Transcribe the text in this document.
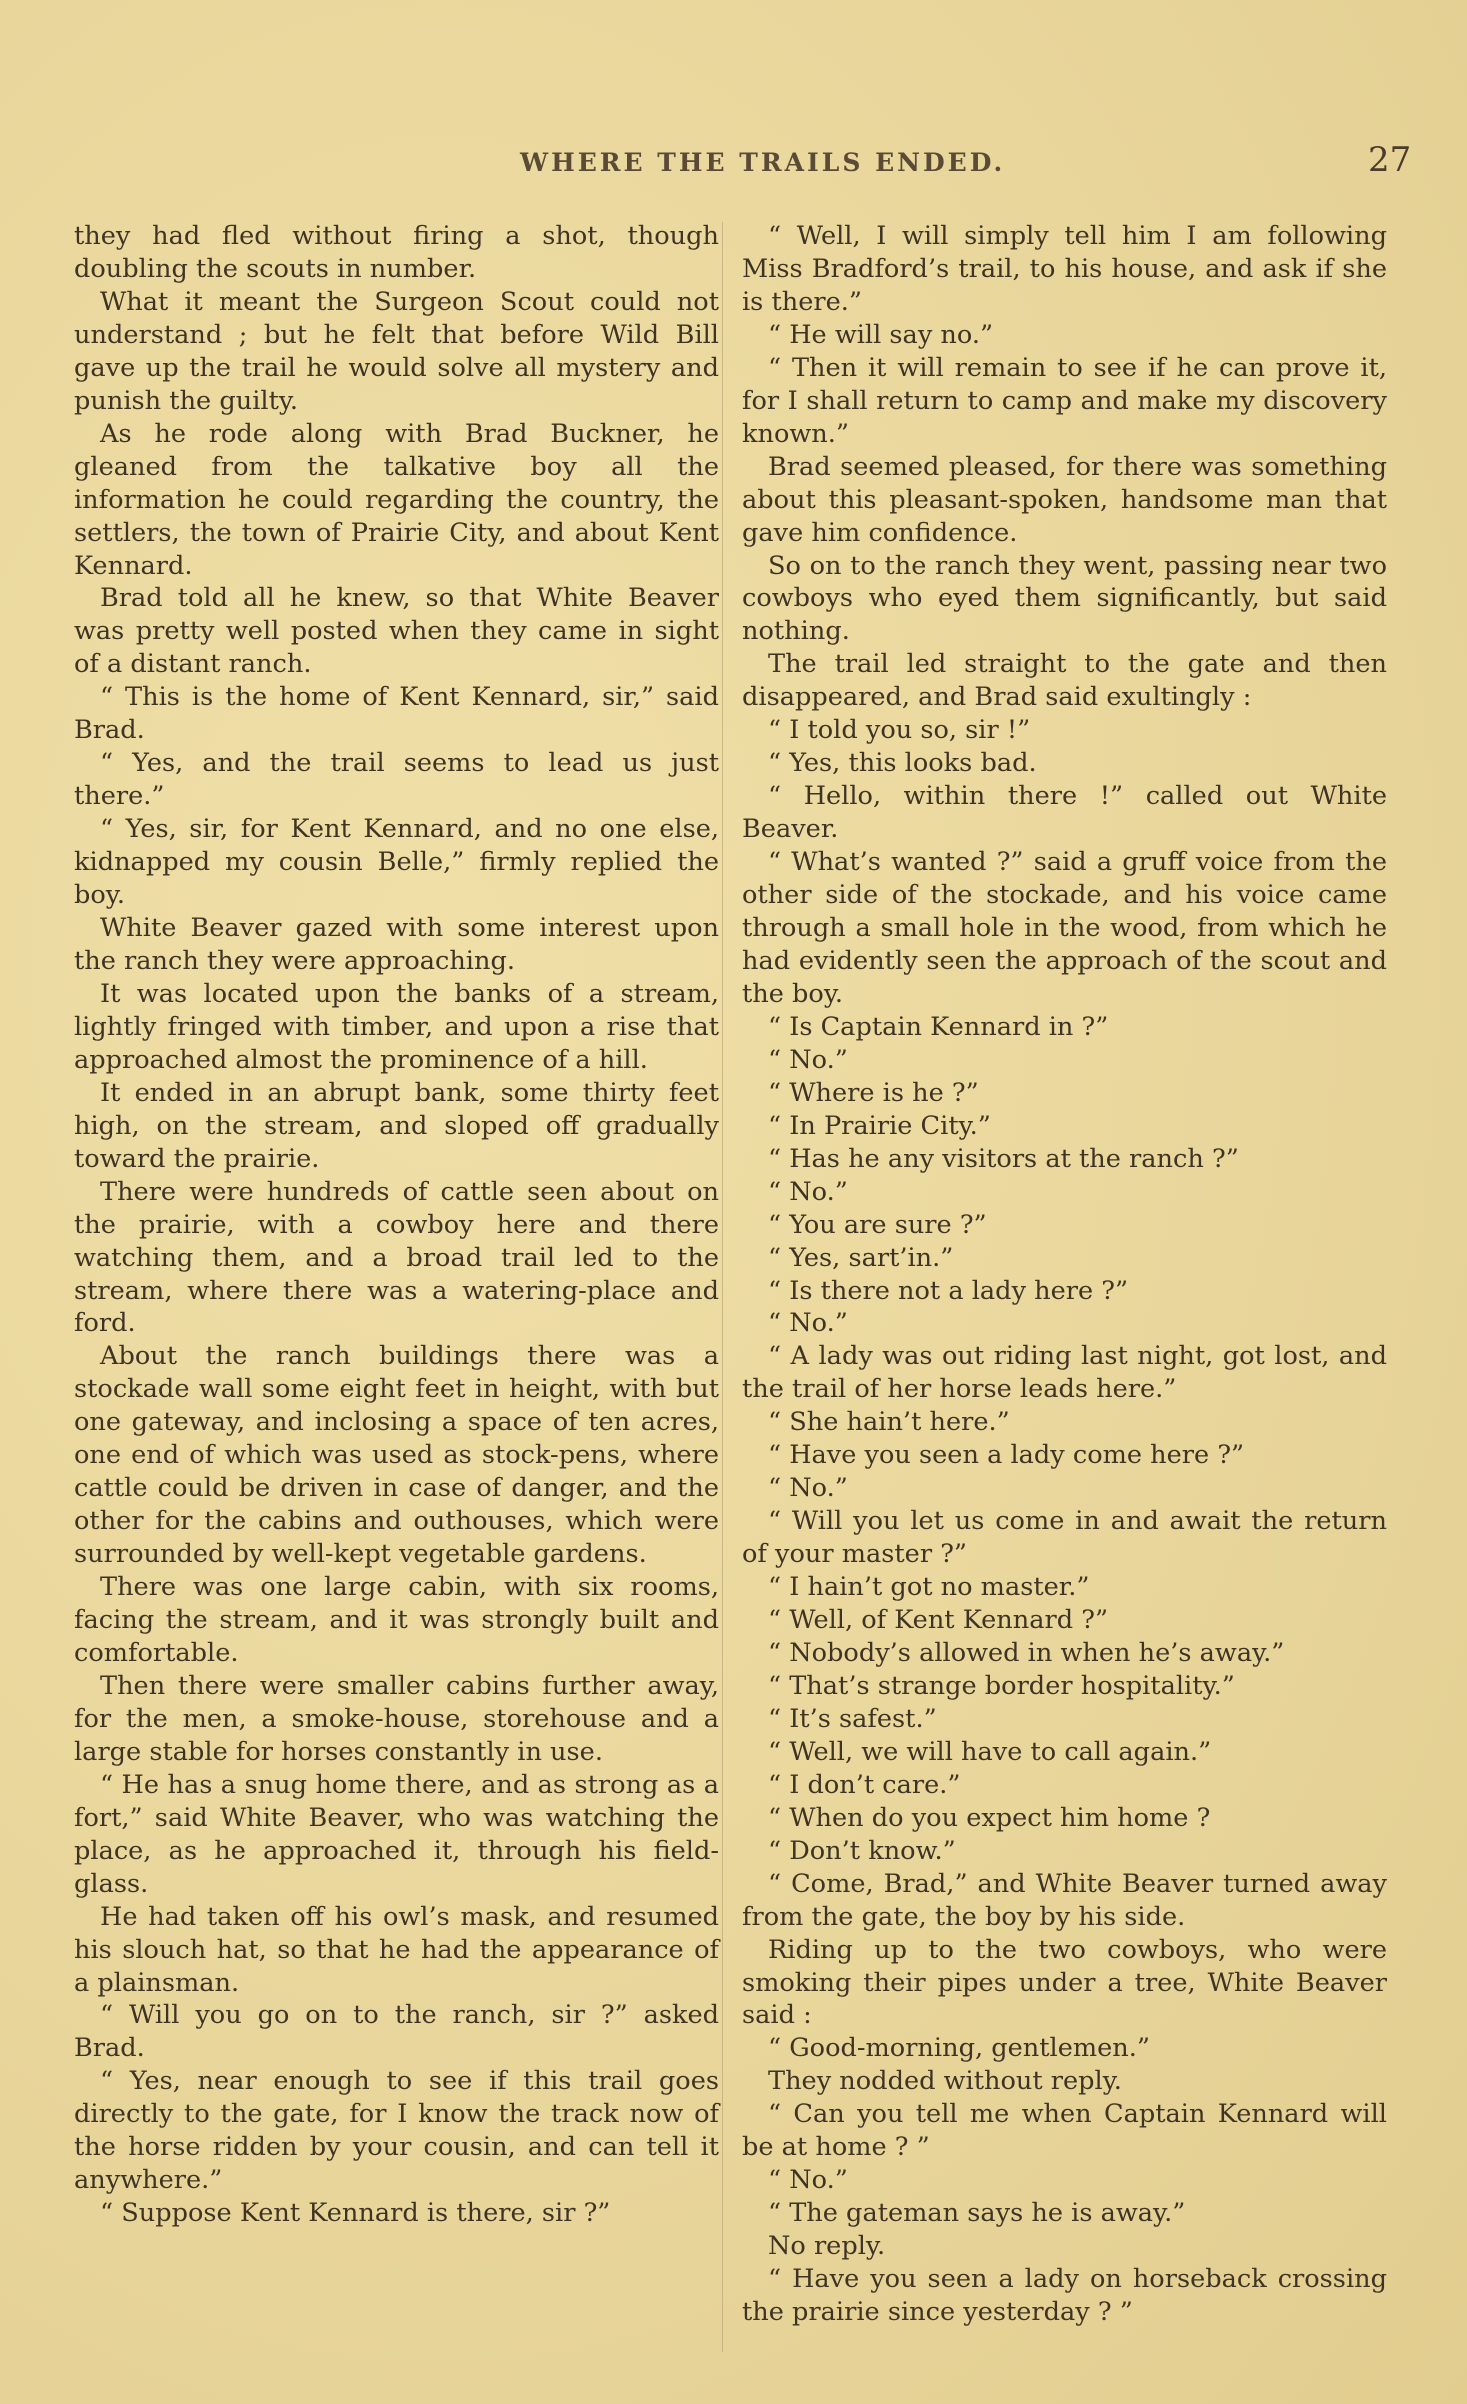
WHERE THE TRAILS ENDED.	27

they had fled without firing a shot, though doubling the scouts in number.

What it meant the Surgeon Scout could not understand ; but he felt that before Wild Bill gave up the trail he would solve all mystery and punish the guilty.

As he rode along with Brad Buckner, he gleaned from the talkative boy all the information he could regarding the country, the settlers, the town of Prairie City, and about Kent Kennard.

Brad told all he knew, so that White Beaver was pretty well posted when they came in sight of a distant ranch.

“ This is the home of Kent Kennard, sir,” said Brad.

“ Yes, and the trail seems to lead us just there.”

“ Yes, sir, for Kent Kennard, and no one else, kidnapped my cousin Belle,” firmly replied the boy.

White Beaver gazed with some interest upon the ranch they were approaching.

It was located upon the banks of a stream, lightly fringed with timber, and upon a rise that approached almost the prominence of a hill.

It ended in an abrupt bank, some thirty feet high, on the stream, and sloped off gradually toward the prairie.

There were hundreds of cattle seen about on the prairie, with a cowboy here and there watching them, and a broad trail led to the stream, where there was a watering-place and ford.

About the ranch buildings there was a stockade wall some eight feet in height, with but one gateway, and inclosing a space of ten acres, one end of which was used as stock-pens, where cattle could be driven in case of danger, and the other for the cabins and outhouses, which were surrounded by well-kept vegetable gardens.

There was one large cabin, with six rooms, facing the stream, and it was strongly built and comfortable.

Then there were smaller cabins further away, for the men, a smoke-house, storehouse and a large stable for horses constantly in use.

“ He has a snug home there, and as strong as a fort,” said White Beaver, who was watching the place, as he approached it, through his field-glass.

He had taken off his owl’s mask, and resumed his slouch hat, so that he had the appearance of a plainsman.

“ Will you go on to the ranch, sir ?” asked Brad.

“ Yes, near enough to see if this trail goes directly to the gate, for I know the track now of the horse ridden by your cousin, and can tell it anywhere.”

“ Suppose Kent Kennard is there, sir ?”

“ Well, I will simply tell him I am following Miss Bradford’s trail, to his house, and ask if she is there.”

“ He will say no.”

“ Then it will remain to see if he can prove it, for I shall return to camp and make my discovery known.”

Brad seemed pleased, for there was something about this pleasant-spoken, handsome man that gave him confidence.

So on to the ranch they went, passing near two cowboys who eyed them significantly, but said nothing.

The trail led straight to the gate and then disappeared, and Brad said exultingly :

“ I told you so, sir !”

“ Yes, this looks bad.

“ Hello, within there !” called out White Beaver.

“ What’s wanted ?” said a gruff voice from the other side of the stockade, and his voice came through a small hole in the wood, from which he had evidently seen the approach of the scout and the boy.

“ Is Captain Kennard in ?”

“ No.”

“ Where is he ?”

“ In Prairie City.”

“ Has he any visitors at the ranch ?”

“ No.”

“ You are sure ?”

“ Yes, sart’in.”

“ Is there not a lady here ?”

“ No.”

“ A lady was out riding last night, got lost, and the trail of her horse leads here.”

“ She hain’t here.”

“ Have you seen a lady come here ?”

“ No.”

“ Will you let us come in and await the return of your master ?”

“ I hain’t got no master.”

“ Well, of Kent Kennard ?”

“ Nobody’s allowed in when he’s away.”

“ That’s strange border hospitality.”

“ It’s safest.”

“ Well, we will have to call again.”

“ I don’t care.”

“ When do you expect him home ?

“ Don’t know.”

“ Come, Brad,” and White Beaver turned away from the gate, the boy by his side.

Riding up to the two cowboys, who were smoking their pipes under a tree, White Beaver said :

“ Good-morning, gentlemen.”

They nodded without reply.

“ Can you tell me when Captain Kennard will be at home ? ”

“ No.”

“ The gateman says he is away.”

No reply.

“ Have you seen a lady on horseback crossing the prairie since yesterday ? ”
